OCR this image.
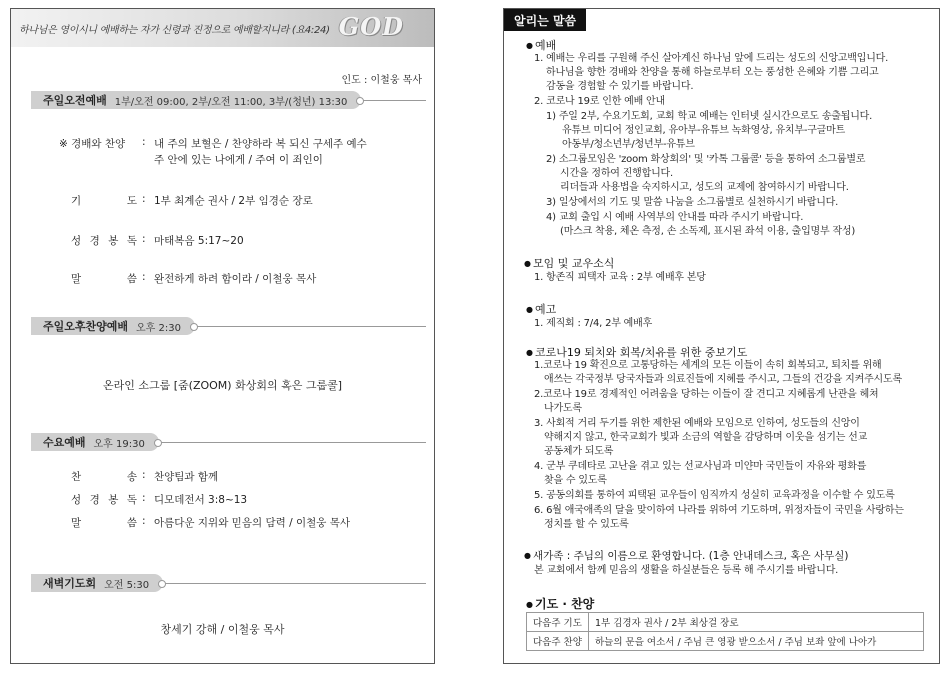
하나님은 영이시니 예배하는 자가 신령과 진정으로 예배할지니라 (요4:24) GOD
인도 : 이철웅 목사
주일오전예배 1부/오전 09:00, 2부/오전 11:00, 3부/(청년) 13:30
※ 경배와 찬양	: 내 주의 보혈은 / 찬양하라 복 되신 구세주 예수
주 안에 있는 나에게 / 주여 이 죄인이
기 도 : 1부 최계순 권사 / 2부 임경순 장로
성 경 봉 독 : 마태복음 5:17~20
말 씀 : 완전하게 하려 함이라 / 이철웅 목사
주일오후찬양예배 오후 2:30
온라인 소그룹 [줌(ZOOM) 화상회의 혹은 그룹콜]
수요예배 오후 19:30
찬 송 : 찬양팀과 함께
성 경 봉 독 : 디모데전서 3:8~13
말 씀 : 아름다운 지위와 믿음의 담력 / 이철웅 목사
새벽기도회 오전 5:30
창세기 강해 / 이철웅 목사
알리는 말씀
● 예배
1. 예배는 우리를 구원해 주신 살아계신 하나님 앞에 드리는 성도의 신앙고백입니다.
하나님을 향한 경배와 찬양을 통해 하늘로부터 오는 풍성한 은혜와 기쁨 그리고
감동을 경험할 수 있기를 바랍니다.
2. 코로나 19로 인한 예배 안내
1) 주일 2부, 수요기도회, 교회 학교 예배는 인터넷 실시간으로도 송출됩니다.
유튜브 미디어 정인교회, 유아부-유튜브 녹화영상, 유치부-구글마트
아동부/청소년부/청년부-유튜브
2) 소그룹모임은 'zoom 화상회의' 및 '카톡 그룹콜' 등을 통하여 소그룹별로
시간을 정하여 진행합니다.
리더들과 사용법을 숙지하시고, 성도의 교제에 참여하시기 바랍니다.
3) 일상에서의 기도 및 말씀 나눔을 소그룹별로 실천하시기 바랍니다.
4) 교회 출입 시 예배 사역부의 안내를 따라 주시기 바랍니다.
(마스크 착용, 체온 측정, 손 소독제, 표시된 좌석 이용, 출입명부 작성)
● 모임 및 교우소식
1. 항존직 피택자 교육 : 2부 예배후 본당
● 예고
1. 제직회 : 7/4, 2부 예배후
● 코로나19 퇴치와 회복/치유를 위한 중보기도
1.코로나 19 확진으로 고통당하는 세계의 모든 이들이 속히 회복되고, 퇴치를 위해
애쓰는 각국정부 당국자들과 의료진들에 지혜를 주시고, 그들의 건강을 지켜주시도록
2.코로나 19로 경제적인 어려움을 당하는 이들이 잘 견디고 지혜롭게 난관을 헤쳐
나가도록
3. 사회적 거리 두기를 위한 제한된 예배와 모임으로 인하여, 성도들의 신앙이
약해지지 않고, 한국교회가 빛과 소금의 역할을 감당하며 이웃을 섬기는 선교
공동체가 되도록
4. 군부 쿠데타로 고난을 겪고 있는 선교사님과 미얀마 국민들이 자유와 평화를
찾을 수 있도록
5. 공동의회를 통하여 피택된 교우들이 임직까지 성실히 교육과정을 이수할 수 있도록
6. 6월 애국애족의 달을 맞이하여 나라를 위하여 기도하며, 위정자들이 국민을 사랑하는
정치를 할 수 있도록
● 새가족 : 주님의 이름으로 환영합니다. (1층 안내데스크, 혹은 사무실)
본 교회에서 함께 믿음의 생활을 하실분들은 등록 해 주시기를 바랍니다.
● 기도 · 찬양
다음주 기도	1부 김경자 권사 / 2부 최상걸 장로
다음주 찬양	하늘의 문을 여소서 / 주님 큰 영광 받으소서 / 주님 보좌 앞에 나아가
